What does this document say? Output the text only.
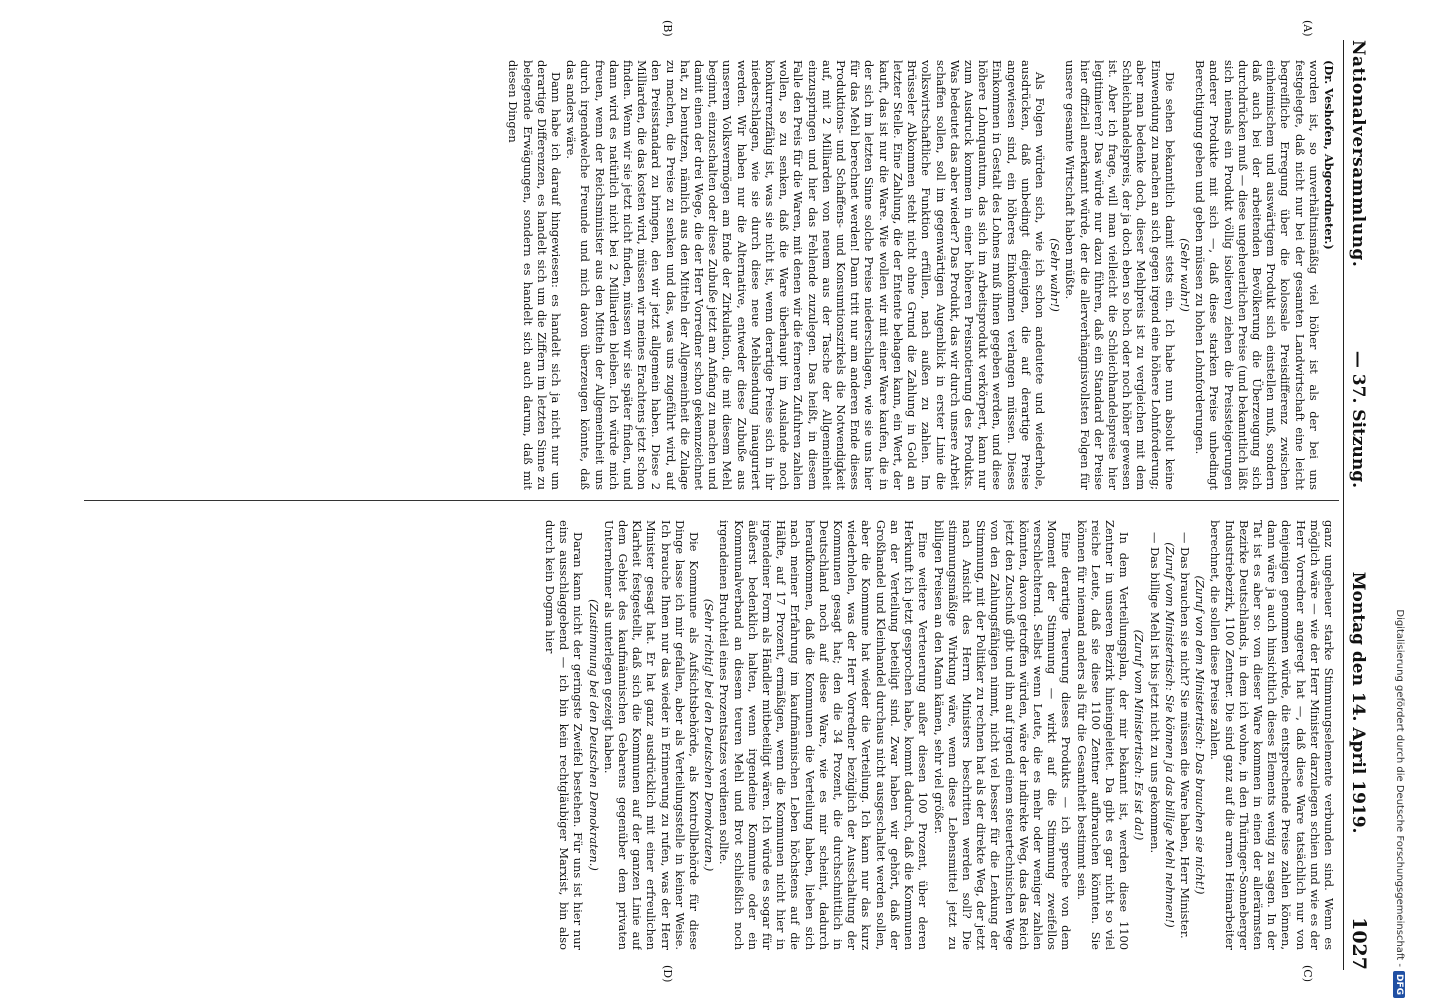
Nationalversammlung.
— 37. Sitzung.
Montag den 14. April 1919.
1027
(A)
(B)
(C)
(D)

(Dr. Veshofen, Abgeordneter.)

worden ist, so unverhältnismäßig viel höher ist als der bei uns festgelegte, daß nicht nur bei der gesamten Landwirtschaft eine leicht begreifliche Erregung über die kolossale Preisdifferenz zwischen einheimischem und auswärtigem Produkt sich einstellen muß, sondern daß auch bei der arbeitenden Bevölkerung die Überzeugung sich durchdrücken muß — diese ungeheuerlichen Preise (und bekanntlich läßt sich niemals ein Produkt völlig isolieren) ziehen die Preissteigerungen anderer Produkte mit sich —, daß diese starken Preise unbedingt Berechtigung geben und geben müssen zu hohen Lohnforderungen.

(Sehr wahr!)

Die sehen bekanntlich damit stets ein. Ich habe nun absolut keine Einwendung zu machen an sich gegen irgend eine höhere Lohnforderung; aber man bedenke doch, dieser Mehlpreis ist zu vergleichen mit dem Schleichhandelspreis, der ja doch eben so hoch oder noch höher gewesen ist. Aber ich frage, will man vielleicht die Schleichhandelspreise hier legitimieren? Das würde nur dazu führen, daß ein Standard der Preise hier offiziell anerkannt würde, der die allerverhängnisvollsten Folgen für unsere gesamte Wirtschaft haben müßte.

(Sehr wahr!)

Als Folgen würden sich, wie ich schon andeutete und wiederhole, ausdrücken, daß unbedingt diejenigen, die auf derartige Preise angewiesen sind, ein höheres Einkommen verlangen müssen. Dieses Einkommen in Gestalt des Lohnes muß ihnen gegeben werden, und diese höhere Lohnquantum, das sich im Arbeitsprodukt verkörpert, kann nur zum Ausdruck kommen in einer höheren Preisnotierung des Produkts. Was bedeutet das aber wieder? Das Produkt, das wir durch unsere Arbeit schaffen sollen, soll im gegenwärtigen Augenblick in erster Linie die volkswirtschaftliche Funktion erfüllen, nach außen zu zahlen. Im Brüsseler Abkommen steht nicht ohne Grund die Zahlung in Gold an letzter Stelle. Eine Zahlung, die der Entente behagen kann, ein Wert, der kauft, das ist nur die Ware. Wie wollen wir mit einer Ware kaufen, die in der sich im letzten Sinne solche Preise niederschlagen, wie sie uns hier für das Mehl berechnet werden! Dann tritt nur am anderen Ende dieses Produktions- und Schaffens- und Konsumtionszirkels die Notwendigkeit auf, mit 2 Milliarden von neuem aus der Tasche der Allgemeinheit einzuspringen und hier das Fehlende zuzulegen. Das heißt, in diesem Falle den Preis für die Waren, mit denen wir die ferneren Zufuhren zahlen wollen, so zu senken, daß die Ware überhaupt im Auslande noch konkurrenzfähig ist, was sie nicht ist, wenn derartige Preise sich in ihr niederschlagen, wie sie durch diese neue Mehlsendung inauguriert werden. Wir haben nur die Alternative, entweder diese Zubuße aus unserem Volksvermögen am Ende der Zirkulation, die mit diesem Mehl beginnt, einzuschalten oder diese Zubuße jetzt am Anfang zu machen und damit einen der drei Wege, die der Herr Vorredner schon gekennzeichnet hat, zu benutzen, nämlich aus den Mitteln der Allgemeinheit die Zulage zu machen, die Preise zu senken und das, was uns zugeführt wird, auf den Preisstandard zu bringen, den wir jetzt allgemein haben. Diese 2 Milliarden, die das kosten wird, müssen wir meines Erachtens jetzt schon finden. Wenn wir sie jetzt nicht finden, müssen wir sie später finden, und dann wird es natürlich nicht bei 2 Milliarden bleiben. Ich würde mich freuen, wenn der Reichsminister aus den Mitteln der Allgemeinheit uns durch irgendwelche Freunde und mich davon überzeugen könnte, daß das anders wäre.

Dann habe ich darauf hingewiesen: es handelt sich ja nicht nur um derartige Differenzen, es handelt sich um die Ziffern im letzten Sinne zu belegende Erwägungen, sondern es handelt sich auch darum, daß mit diesen Dingen

ganz ungeheuer starke Stimmungselemente verbunden sind. Wenn es möglich wäre — wie der Herr Minister darzulegen schien und wie es der Herr Vorredner angeregt hat —, daß diese Ware tatsächlich nur von denjenigen genommen würde, die entsprechende Preise zahlen können, dann wäre ja auch hinsichtlich dieses Elements wenig zu sagen. In der Tat ist es aber so: von dieser Ware kommen in einen der allerärmsten Bezirke Deutschlands, in dem ich wohne, in den Thüringer-Sonneberger Industriebezirk, 1100 Zentner. Die sind ganz auf die armen Heimarbeiter berechnet, die sollen diese Preise zahlen.

(Zuruf von dem Ministertisch: Das brauchen sie nicht!)

— Das brauchen sie nicht? Sie müssen die Ware haben, Herr Minister.

(Zuruf vom Ministertisch: Sie können ja das billige Mehl nehmen!)

— Das billige Mehl ist bis jetzt nicht zu uns gekommen.

(Zuruf vom Ministertisch: Es ist da!)

In dem Verteilungsplan, der mir bekannt ist, werden diese 1100 Zentner in unseren Bezirk hineingeleitet. Da gibt es gar nicht so viel reiche Leute, daß sie diese 1100 Zentner aufbrauchen könnten. Sie können für niemand anders als für die Gesamtheit bestimmt sein.

Eine derartige Teuerung dieses Produkts — ich spreche von dem Moment der Stimmung — wirkt auf die Stimmung zweifellos verschlechternd. Selbst wenn Leute, die es mehr oder weniger zahlen könnten, davon getroffen würden, wäre der indirekte Weg, das das Reich jetzt den Zuschuß gibt und ihn auf irgend einem steuertechnischen Wege von den Zahlungsfähigen nimmt, nicht viel besser für die Lenkung der Stimmung, mit der Politiker zu rechnen hat als der direkte Weg, der jetzt nach Ansicht des Herrn Ministers beschritten werden soll? Die stimmungsmäßige Wirkung wäre, wenn diese Lebensmittel jetzt zu billigen Preisen an den Mann kämen, sehr viel größer.

Eine weitere Verteuerung außer diesen 100 Prozent, über deren Herkunft ich jetzt gesprochen habe, kommt dadurch, daß die Kommunen an der Verteilung beteiligt sind. Zwar haben wir gehört, daß der Großhandel und Kleinhandel durchaus nicht ausgeschaltet werden sollen, aber die Kommune hat wieder die Verteilung. Ich kann nur das kurz wiederholen, was der Herr Vorredner bezüglich der Ausschaltung der Kommunen gesagt hat; den die 34 Prozent, die durchschnittlich in Deutschland noch auf diese Ware, wie es mir scheint, dadurch heraufkommen, daß die Kommunen die Verteilung haben, lieben sich nach meiner Erfahrung im kaufmännischen Leben höchstens auf die Hälfte, auf 17 Prozent, ermäßigen, wenn die Kommunen nicht hier in irgendeiner Form als Händler mitbeteiligt wären. Ich würde es sogar für äußerst bedenklich halten, wenn irgendeine Kommune oder ein Kommunalverband an diesem teuren Mehl und Brot schließlich noch irgendeinen Bruchteil eines Prozentsatzes verdienen sollte.

(Sehr richtig! bei den Deutschen Demokraten.)

Die Kommune als Aufsichtsbehörde, als Kontrollbehörde für diese Dinge lasse ich mir gefallen, aber als Verteilungsstelle in keiner Weise. Ich brauche Ihnen nur das wieder in Erinnerung zu rufen, was der Herr Minister gesagt hat. Er hat ganz ausdrücklich mit einer erfreulichen Klarheit festgestellt, daß sich die Kommunen auf der ganzen Linie auf dem Gebiet des kaufmännischen Gebarens gegenüber dem privaten Unternehmer als unterlegen gezeigt haben.

(Zustimmung bei den Deutschen Demokraten.)

Daran kann nicht der geringste Zweifel bestehen. Für uns ist hier nur eins ausschlaggebend — ich bin kein rechtgläubiger Marxist, bin also durch kein Dogma hier

Digitalisierung gefördert durch die Deutsche Forschungsgemeinschaft -DFG
